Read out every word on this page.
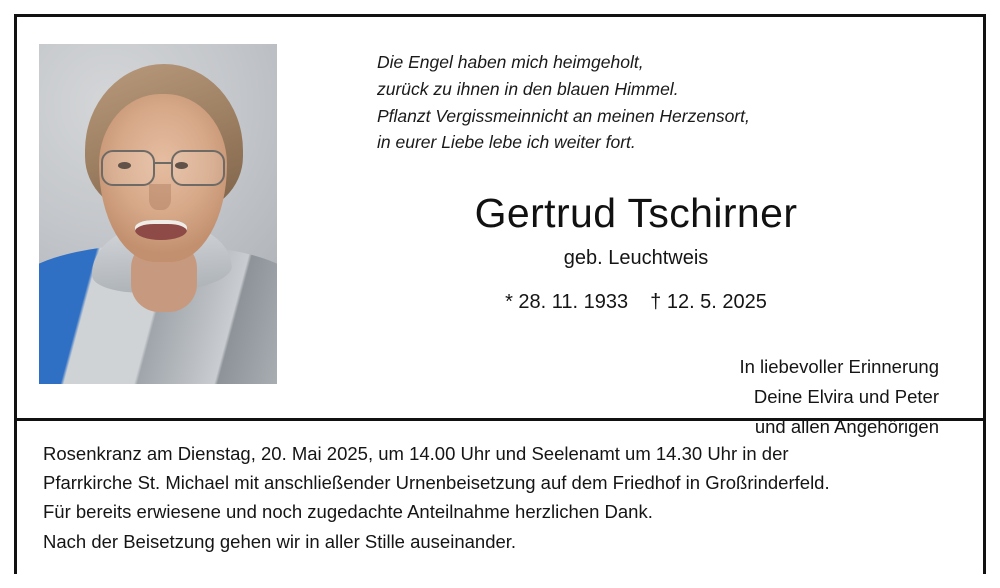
Die Engel haben mich heimgeholt,
zurück zu ihnen in den blauen Himmel.
Pflanzt Vergissmeinnicht an meinen Herzensort,
in eurer Liebe lebe ich weiter fort.
Gertrud Tschirner
geb. Leuchtweis
* 28. 11. 1933 † 12. 5. 2025
In liebevoller Erinnerung
Deine Elvira und Peter
und allen Angehörigen

Rosenkranz am Dienstag, 20. Mai 2025, um 14.00 Uhr und Seelenamt um 14.30 Uhr in der

Pfarrkirche St. Michael mit anschließender Urnenbeisetzung auf dem Friedhof in Großrinderfeld.

Für bereits erwiesene und noch zugedachte Anteilnahme herzlichen Dank.

Nach der Beisetzung gehen wir in aller Stille auseinander.
